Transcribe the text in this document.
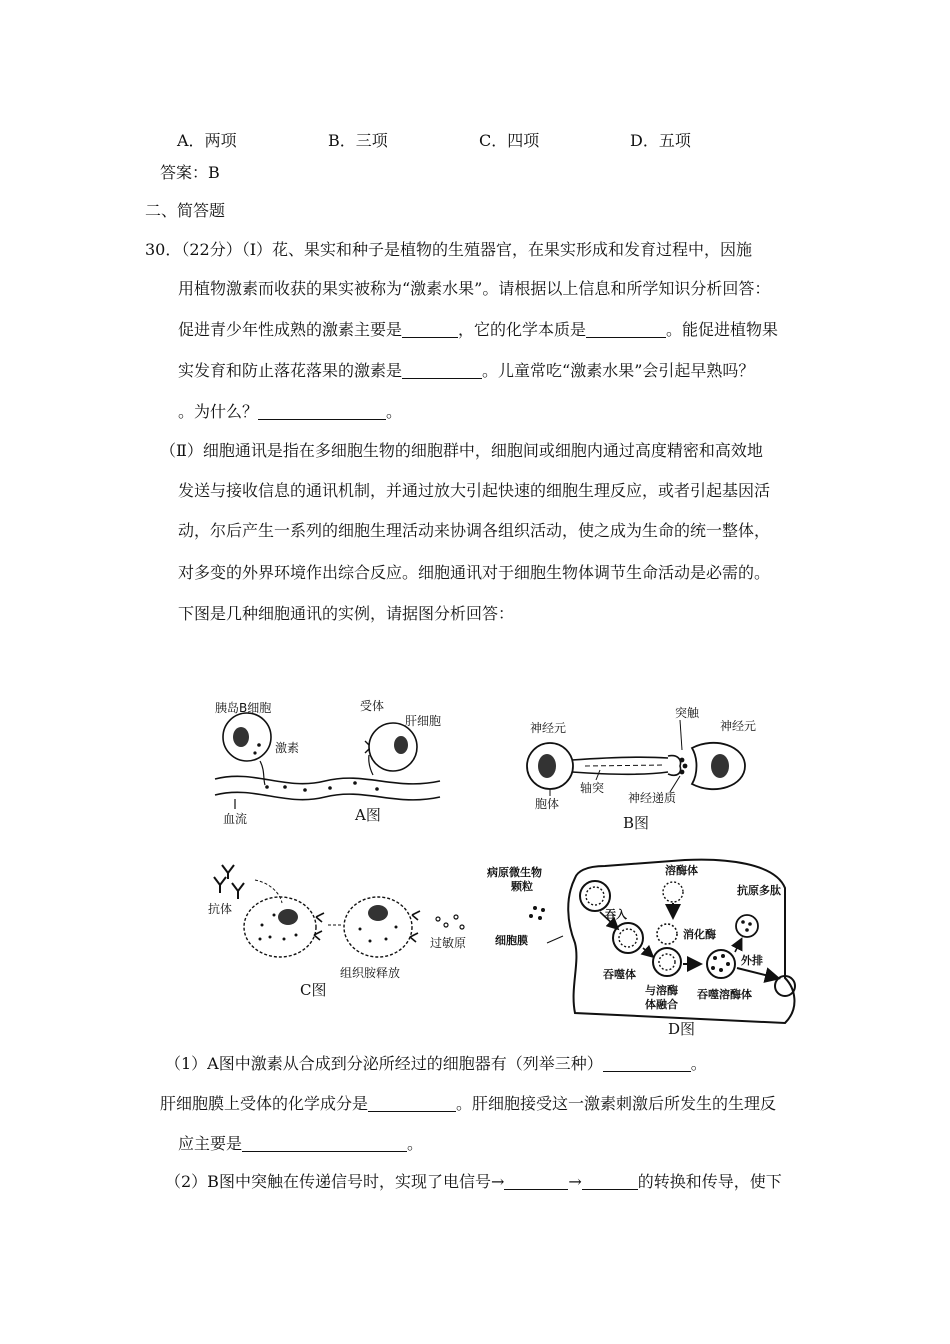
A．两项	B．三项	C．四项	D．五项
答案：B
二、简答题
30．（22分）（Ⅰ）花、果实和种子是植物的生殖器官，在果实形成和发育过程中，因施
用植物激素而收获的果实被称为“激素水果”。请根据以上信息和所学知识分析回答：
促进青少年性成熟的激素主要是	，它的化学本质是	。能促进植物果
实发育和防止落花落果的激素是	。儿童常吃“激素水果”会引起早熟吗？
。为什么？	。
（Ⅱ）细胞通讯是指在多细胞生物的细胞群中，细胞间或细胞内通过高度精密和高效地
发送与接收信息的通讯机制，并通过放大引起快速的细胞生理反应，或者引起基因活
动，尔后产生一系列的细胞生理活动来协调各组织活动，使之成为生命的统一整体，
对多变的外界环境作出综合反应。细胞通讯对于细胞生物体调节生命活动是必需的。
下图是几种细胞通讯的实例，请据图分析回答：
胰岛B细胞	受体
肝细胞
激素
血流	A图
神经元
突触
神经元
胞体
轴突
神经递质
B图
抗体
过敏原
组织胺释放
C图
病原微生物
颗粒
细胞膜
吞入
吞噬体
溶酶体
消化酶
与溶酶
体融合
抗原多肽
外排
吞噬溶酶体
D图
（1）A图中激素从合成到分泌所经过的细胞器有（列举三种）	。
肝细胞膜上受体的化学成分是	。肝细胞接受这一激素刺激后所发生的生理反
应主要是	。
（2）B图中突触在传递信号时，实现了电信号→	→	的转换和传导，使下
